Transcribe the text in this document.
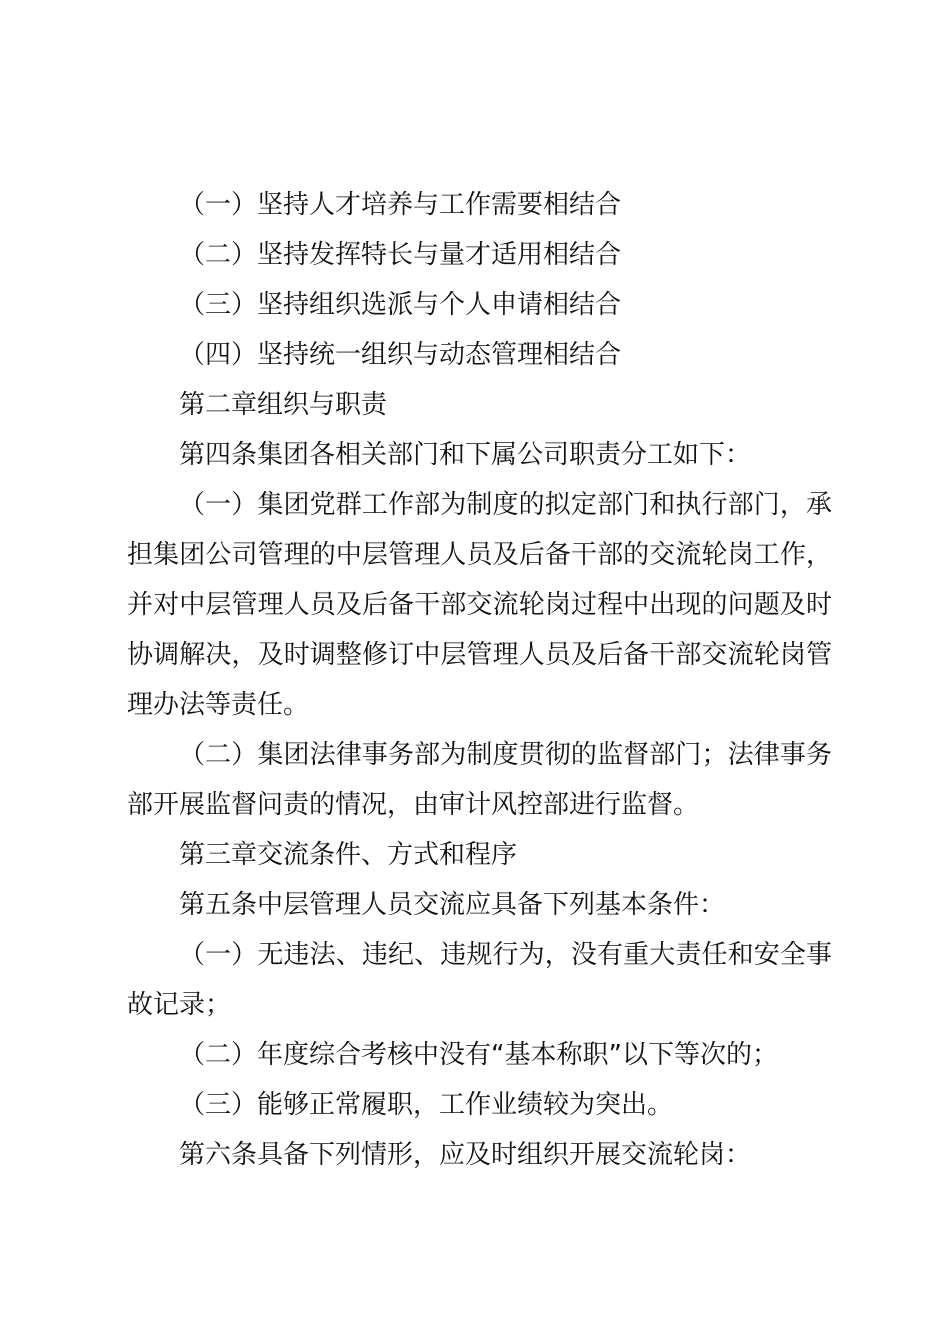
（一）坚持人才培养与工作需要相结合

（二）坚持发挥特长与量才适用相结合

（三）坚持组织选派与个人申请相结合

（四）坚持统一组织与动态管理相结合

第二章组织与职责

第四条集团各相关部门和下属公司职责分工如下：

（一）集团党群工作部为制度的拟定部门和执行部门，承担集团公司管理的中层管理人员及后备干部的交流轮岗工作，并对中层管理人员及后备干部交流轮岗过程中出现的问题及时协调解决，及时调整修订中层管理人员及后备干部交流轮岗管理办法等责任。

（二）集团法律事务部为制度贯彻的监督部门；法律事务部开展监督问责的情况，由审计风控部进行监督。

第三章交流条件、方式和程序

第五条中层管理人员交流应具备下列基本条件：

（一）无违法、违纪、违规行为，没有重大责任和安全事故记录；

（二）年度综合考核中没有“基本称职”以下等次的；

（三）能够正常履职，工作业绩较为突出。

第六条具备下列情形，应及时组织开展交流轮岗：
